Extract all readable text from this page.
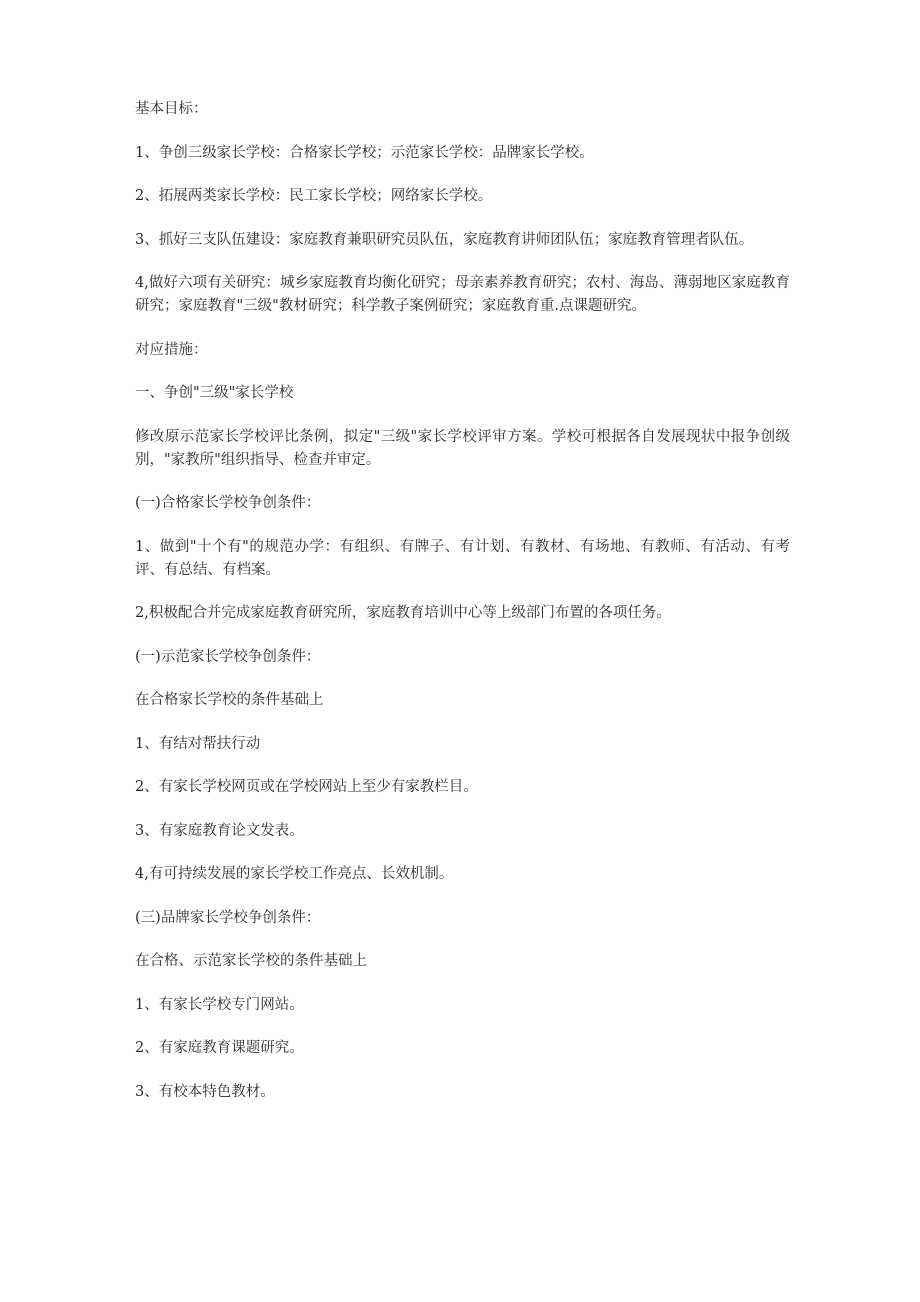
基本目标：

1、争创三级家长学校：合格家长学校；示范家长学校：品牌家长学校。

2、拓展两类家长学校：民工家长学校；网络家长学校。

3、抓好三支队伍建设：家庭教育兼职研究员队伍，家庭教育讲师团队伍；家庭教育管理者队伍。

4,做好六项有关研究：城乡家庭教育均衡化研究；母亲素养教育研究；农村、海岛、薄弱地区家庭教育研究；家庭教育"三级"教材研究；科学教子案例研究；家庭教育重.点课题研究。

对应措施：

一、争创"三级"家长学校

修改原示范家长学校评比条例，拟定"三级"家长学校评审方案。学校可根据各自发展现状中报争创级别，"家教所"组织指导、检查并审定。

(一)合格家长学校争创条件：

1、做到"十个有"的规范办学：有组织、有牌子、有计划、有教材、有场地、有教师、有活动、有考评、有总结、有档案。

2,积极配合并完成家庭教育研究所，家庭教育培训中心等上级部门布置的各项任务。

(一)示范家长学校争创条件：

在合格家长学校的条件基础上

1、有结对帮扶行动

2、有家长学校网页或在学校网站上至少有家教栏目。

3、有家庭教育论文发表。

4,有可持续发展的家长学校工作亮点、长效机制。

(三)品牌家长学校争创条件：

在合格、示范家长学校的条件基础上

1、有家长学校专门网站。

2、有家庭教育课题研究。

3、有校本特色教材。
